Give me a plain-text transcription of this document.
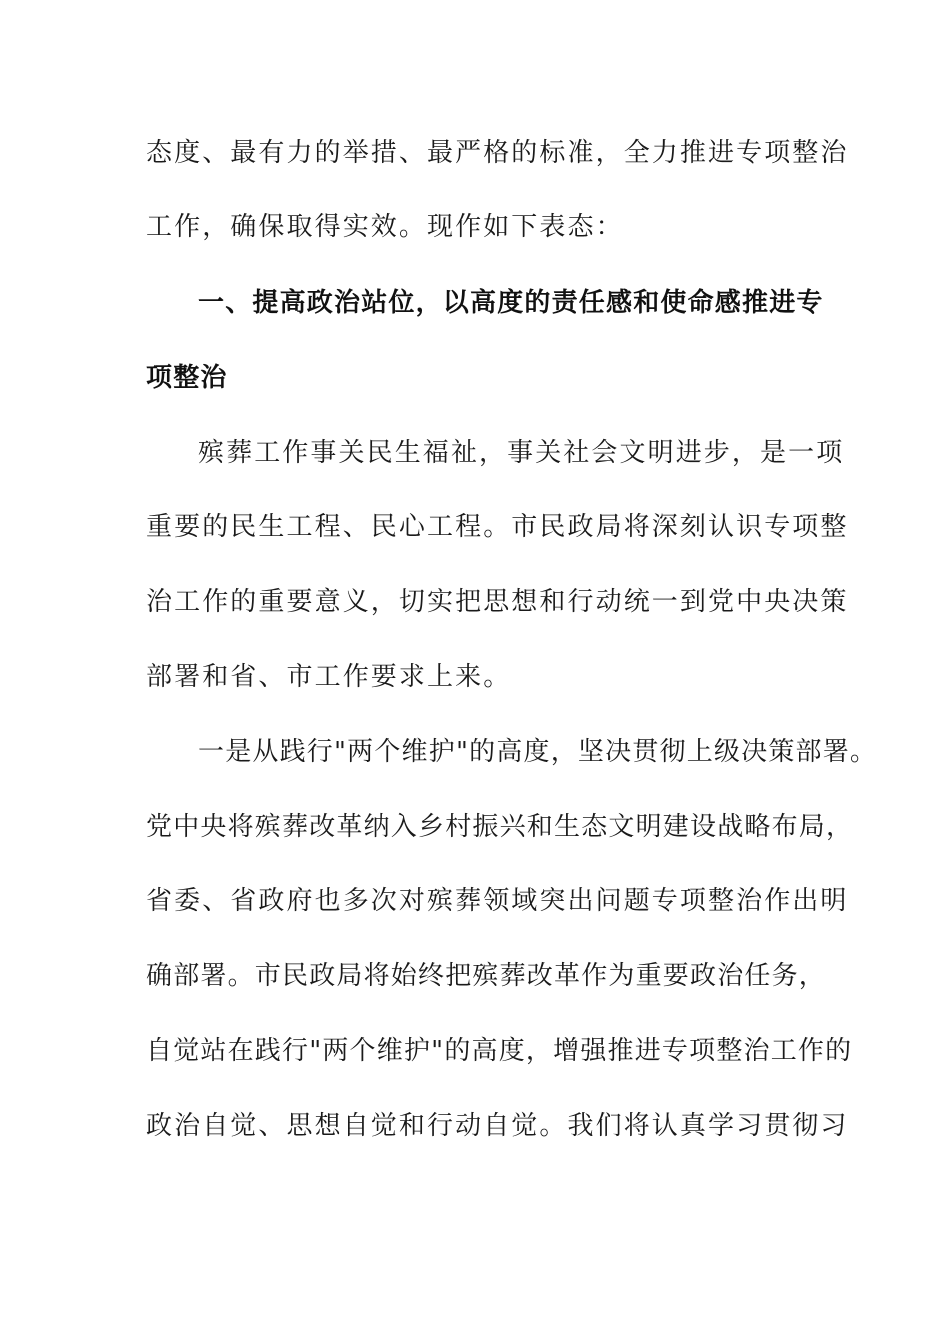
态度、最有力的举措、最严格的标准，全力推进专项整治
工作，确保取得实效。现作如下表态：
一、提高政治站位，以高度的责任感和使命感推进专
项整治
殡葬工作事关民生福祉，事关社会文明进步，是一项
重要的民生工程、民心工程。市民政局将深刻认识专项整
治工作的重要意义，切实把思想和行动统一到党中央决策
部署和省、市工作要求上来。
一是从践行"两个维护"的高度，坚决贯彻上级决策部署。
党中央将殡葬改革纳入乡村振兴和生态文明建设战略布局，
省委、省政府也多次对殡葬领域突出问题专项整治作出明
确部署。市民政局将始终把殡葬改革作为重要政治任务，
自觉站在践行"两个维护"的高度，增强推进专项整治工作的
政治自觉、思想自觉和行动自觉。我们将认真学习贯彻习
